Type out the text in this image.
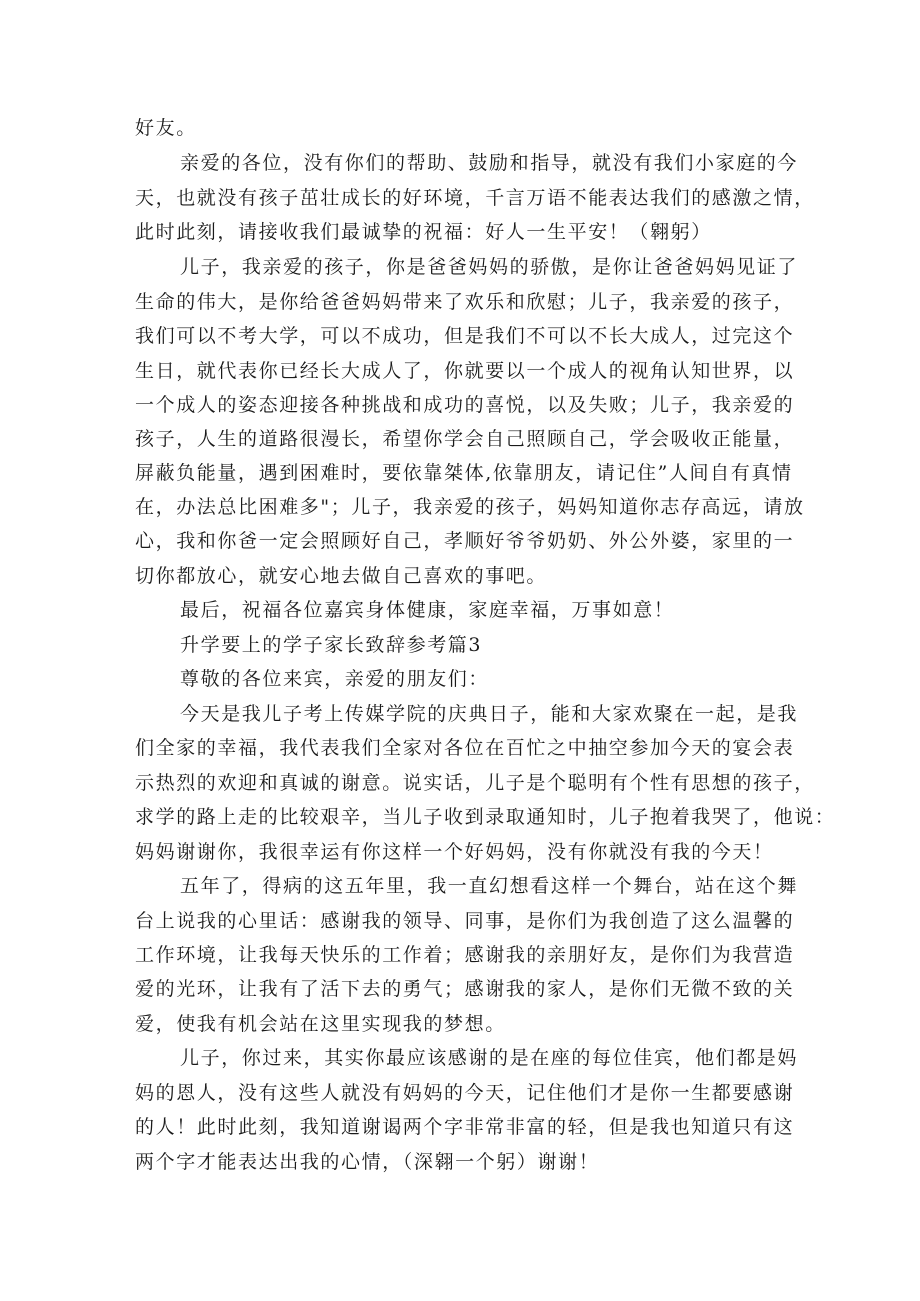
好友。
亲爱的各位，没有你们的帮助、鼓励和指导，就没有我们小家庭的今
天，也就没有孩子茁壮成长的好环境，千言万语不能表达我们的感激之情，
此时此刻，请接收我们最诚挚的祝福：好人一生平安！（翱躬）
儿子，我亲爱的孩子，你是爸爸妈妈的骄傲，是你让爸爸妈妈见证了
生命的伟大，是你给爸爸妈妈带来了欢乐和欣慰；儿子，我亲爱的孩子，
我们可以不考大学，可以不成功，但是我们不可以不长大成人，过完这个
生日，就代表你已经长大成人了，你就要以一个成人的视角认知世界，以
一个成人的姿态迎接各种挑战和成功的喜悦，以及失败；儿子，我亲爱的
孩子，人生的道路很漫长，希望你学会自己照顾自己，学会吸收正能量，
屏蔽负能量，遇到困难时，要依靠桀体,依靠朋友，请记住”人间自有真情
在，办法总比困难多"；儿子，我亲爱的孩子，妈妈知道你志存高远，请放
心，我和你爸一定会照顾好自己，孝顺好爷爷奶奶、外公外婆，家里的一
切你都放心，就安心地去做自己喜欢的事吧。
最后，祝福各位嘉宾身体健康，家庭幸福，万事如意！
升学要上的学子家长致辞参考篇3
尊敬的各位来宾，亲爱的朋友们：
今天是我儿子考上传媒学院的庆典日子，能和大家欢聚在一起，是我
们全家的幸福，我代表我们全家对各位在百忙之中抽空参加今天的宴会表
示热烈的欢迎和真诚的谢意。说实话，儿子是个聪明有个性有思想的孩子，
求学的路上走的比较艰辛，当儿子收到录取通知时，儿子抱着我哭了，他说：
妈妈谢谢你，我很幸运有你这样一个好妈妈，没有你就没有我的今天！
五年了，得病的这五年里，我一直幻想看这样一个舞台，站在这个舞
台上说我的心里话：感谢我的领导、同事，是你们为我创造了这么温馨的
工作环境，让我每天快乐的工作着；感谢我的亲朋好友，是你们为我营造
爱的光环，让我有了活下去的勇气；感谢我的家人，是你们无微不致的关
爱，使我有机会站在这里实现我的梦想。
儿子，你过来，其实你最应该感谢的是在座的每位佳宾，他们都是妈
妈的恩人，没有这些人就没有妈妈的今天，记住他们才是你一生都要感谢
的人！此时此刻，我知道谢谒两个字非常非富的轻，但是我也知道只有这
两个字才能表达出我的心情，（深翱一个躬）谢谢！
